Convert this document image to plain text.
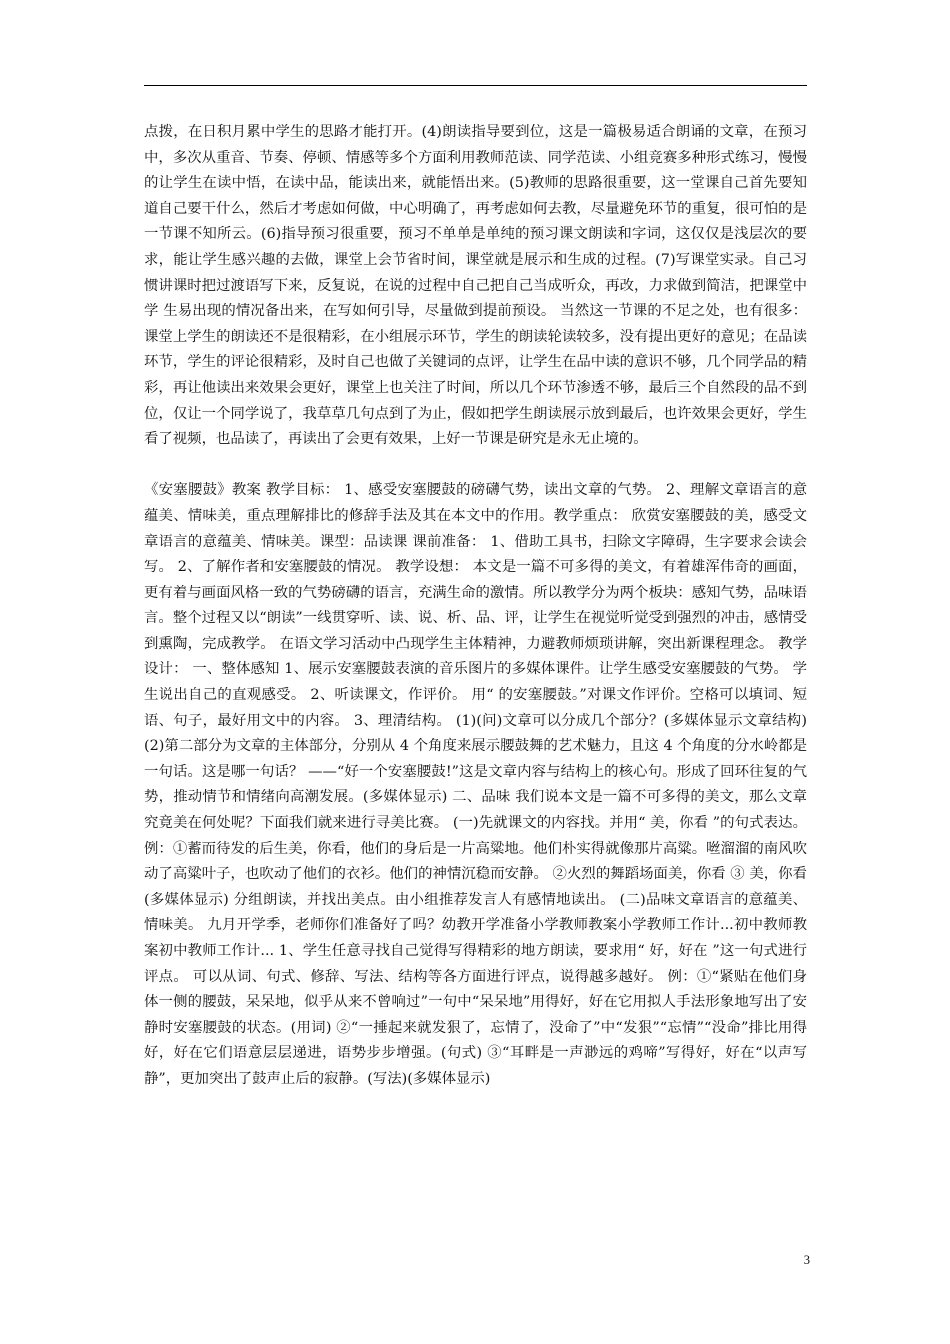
点拨，在日积月累中学生的思路才能打开。(4)朗读指导要到位，这是一篇极易适合朗诵的文章，在预习中，多次从重音、节奏、停顿、情感等多个方面利用教师范读、同学范读、小组竞赛多种形式练习，慢慢的让学生在读中悟，在读中品，能读出来，就能悟出来。(5)教师的思路很重要，这一堂课自己首先要知道自己要干什么，然后才考虑如何做，中心明确了，再考虑如何去教，尽量避免环节的重复，很可怕的是一节课不知所云。(6)指导预习很重要，预习不单单是单纯的预习课文朗读和字词，这仅仅是浅层次的要求，能让学生感兴趣的去做，课堂上会节省时间，课堂就是展示和生成的过程。(7)写课堂实录。自己习惯讲课时把过渡语写下来，反复说，在说的过程中自己把自己当成听众，再改，力求做到简洁，把课堂中学 生易出现的情况备出来，在写如何引导，尽量做到提前预设。 当然这一节课的不足之处，也有很多：课堂上学生的朗读还不是很精彩，在小组展示环节，学生的朗读轮读较多，没有提出更好的意见；在品读环节，学生的评论很精彩，及时自己也做了关键词的点评，让学生在品中读的意识不够，几个同学品的精彩，再让他读出来效果会更好，课堂上也关注了时间，所以几个环节渗透不够，最后三个自然段的品不到位，仅让一个同学说了，我草草几句点到了为止，假如把学生朗读展示放到最后，也许效果会更好，学生看了视频，也品读了，再读出了会更有效果，上好一节课是研究是永无止境的。

《安塞腰鼓》教案 教学目标： 1、感受安塞腰鼓的磅礴气势，读出文章的气势。 2、理解文章语言的意蕴美、情味美，重点理解排比的修辞手法及其在本文中的作用。教学重点： 欣赏安塞腰鼓的美，感受文章语言的意蕴美、情味美。课型：品读课 课前准备： 1、借助工具书，扫除文字障碍，生字要求会读会写。 2、了解作者和安塞腰鼓的情况。 教学设想： 本文是一篇不可多得的美文，有着雄浑伟奇的画面，更有着与画面风格一致的气势磅礴的语言，充满生命的激情。所以教学分为两个板块：感知气势，品味语言。整个过程又以“朗读”一线贯穿听、读、说、析、品、评，让学生在视觉听觉受到强烈的冲击，感情受到熏陶，完成教学。 在语文学习活动中凸现学生主体精神，力避教师烦琐讲解，突出新课程理念。 教学设计： 一、整体感知 1、展示安塞腰鼓表演的音乐图片的多媒体课件。让学生感受安塞腰鼓的气势。 学生说出自己的直观感受。 2、听读课文，作评价。 用“ 的安塞腰鼓。”对课文作评价。空格可以填词、短语、句子，最好用文中的内容。 3、理清结构。 (1)(问)文章可以分成几个部分？(多媒体显示文章结构) (2)第二部分为文章的主体部分，分别从 4 个角度来展示腰鼓舞的艺术魅力，且这 4 个角度的分水岭都是一句话。这是哪一句话？ ——“好一个安塞腰鼓!”这是文章内容与结构上的核心句。形成了回环往复的气势，推动情节和情绪向高潮发展。(多媒体显示) 二、品味 我们说本文是一篇不可多得的美文，那么文章究竟美在何处呢？下面我们就来进行寻美比赛。 (一)先就课文的内容找。并用“ 美，你看 ”的句式表达。 例：①蓄而待发的后生美，你看，他们的身后是一片高粱地。他们朴实得就像那片高粱。咝溜溜的南风吹动了高粱叶子，也吹动了他们的衣衫。他们的神情沉稳而安静。 ②火烈的舞蹈场面美，你看 ③ 美，你看(多媒体显示) 分组朗读，并找出美点。由小组推荐发言人有感情地读出。 (二)品味文章语言的意蕴美、情味美。 九月开学季，老师你们准备好了吗？幼教开学准备小学教师教案小学教师工作计...初中教师教案初中教师工作计... 1、学生任意寻找自己觉得写得精彩的地方朗读，要求用“ 好，好在 ”这一句式进行评点。 可以从词、句式、修辞、写法、结构等各方面进行评点，说得越多越好。 例：①“紧贴在他们身体一侧的腰鼓，呆呆地，似乎从来不曾响过”一句中“呆呆地”用得好，好在它用拟人手法形象地写出了安静时安塞腰鼓的状态。(用词) ②“一捶起来就发狠了，忘情了，没命了”中“发狠”“忘情”“没命”排比用得好，好在它们语意层层递进，语势步步增强。(句式) ③“耳畔是一声渺远的鸡啼”写得好，好在“以声写静”，更加突出了鼓声止后的寂静。(写法)(多媒体显示)

3
